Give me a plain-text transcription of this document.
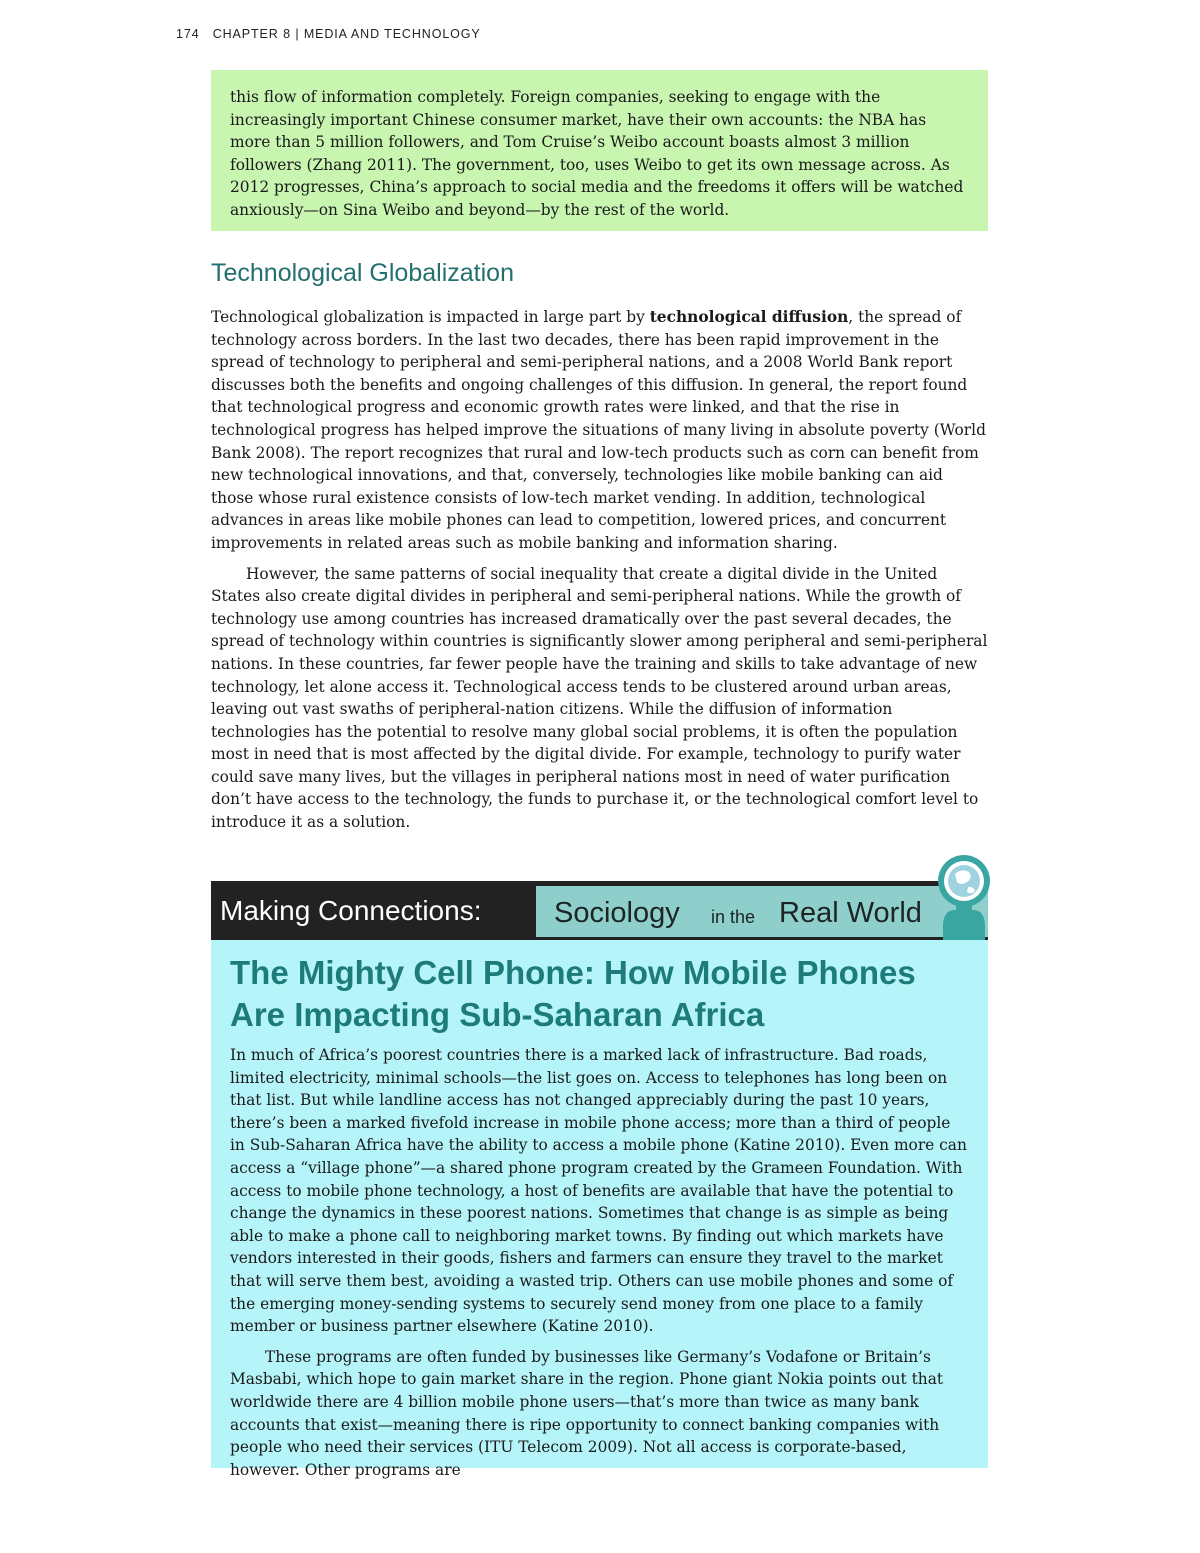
174 CHAPTER 8 | MEDIA AND TECHNOLOGY

this flow of information completely. Foreign companies, seeking to engage with the increasingly important Chinese consumer market, have their own accounts: the NBA has more than 5 million followers, and Tom Cruise’s Weibo account boasts almost 3 million followers (Zhang 2011). The government, too, uses Weibo to get its own message across. As 2012 progresses, China’s approach to social media and the freedoms it offers will be watched anxiously—on Sina Weibo and beyond—by the rest of the world.

Technological Globalization

Technological globalization is impacted in large part by technological diffusion, the spread of technology across borders. In the last two decades, there has been rapid improvement in the spread of technology to peripheral and semi-peripheral nations, and a 2008 World Bank report discusses both the benefits and ongoing challenges of this diffusion. In general, the report found that technological progress and economic growth rates were linked, and that the rise in technological progress has helped improve the situations of many living in absolute poverty (World Bank 2008). The report recognizes that rural and low-tech products such as corn can benefit from new technological innovations, and that, conversely, technologies like mobile banking can aid those whose rural existence consists of low-tech market vending. In addition, technological advances in areas like mobile phones can lead to competition, lowered prices, and concurrent improvements in related areas such as mobile banking and information sharing.

However, the same patterns of social inequality that create a digital divide in the United States also create digital divides in peripheral and semi-peripheral nations. While the growth of technology use among countries has increased dramatically over the past several decades, the spread of technology within countries is significantly slower among peripheral and semi-peripheral nations. In these countries, far fewer people have the training and skills to take advantage of new technology, let alone access it. Technological access tends to be clustered around urban areas, leaving out vast swaths of peripheral-nation citizens. While the diffusion of information technologies has the potential to resolve many global social problems, it is often the population most in need that is most affected by the digital divide. For example, technology to purify water could save many lives, but the villages in peripheral nations most in need of water purification don’t have access to the technology, the funds to purchase it, or the technological comfort level to introduce it as a solution.

Making Connections:	Sociology in the Real World
The Mighty Cell Phone: How Mobile Phones Are Impacting Sub-Saharan Africa

In much of Africa’s poorest countries there is a marked lack of infrastructure. Bad roads, limited electricity, minimal schools—the list goes on. Access to telephones has long been on that list. But while landline access has not changed appreciably during the past 10 years, there’s been a marked fivefold increase in mobile phone access; more than a third of people in Sub-Saharan Africa have the ability to access a mobile phone (Katine 2010). Even more can access a “village phone”—a shared phone program created by the Grameen Foundation. With access to mobile phone technology, a host of benefits are available that have the potential to change the dynamics in these poorest nations. Sometimes that change is as simple as being able to make a phone call to neighboring market towns. By finding out which markets have vendors interested in their goods, fishers and farmers can ensure they travel to the market that will serve them best, avoiding a wasted trip. Others can use mobile phones and some of the emerging money-sending systems to securely send money from one place to a family member or business partner elsewhere (Katine 2010).

These programs are often funded by businesses like Germany’s Vodafone or Britain’s Masbabi, which hope to gain market share in the region. Phone giant Nokia points out that worldwide there are 4 billion mobile phone users—that’s more than twice as many bank accounts that exist—meaning there is ripe opportunity to connect banking companies with people who need their services (ITU Telecom 2009). Not all access is corporate-based, however. Other programs are
